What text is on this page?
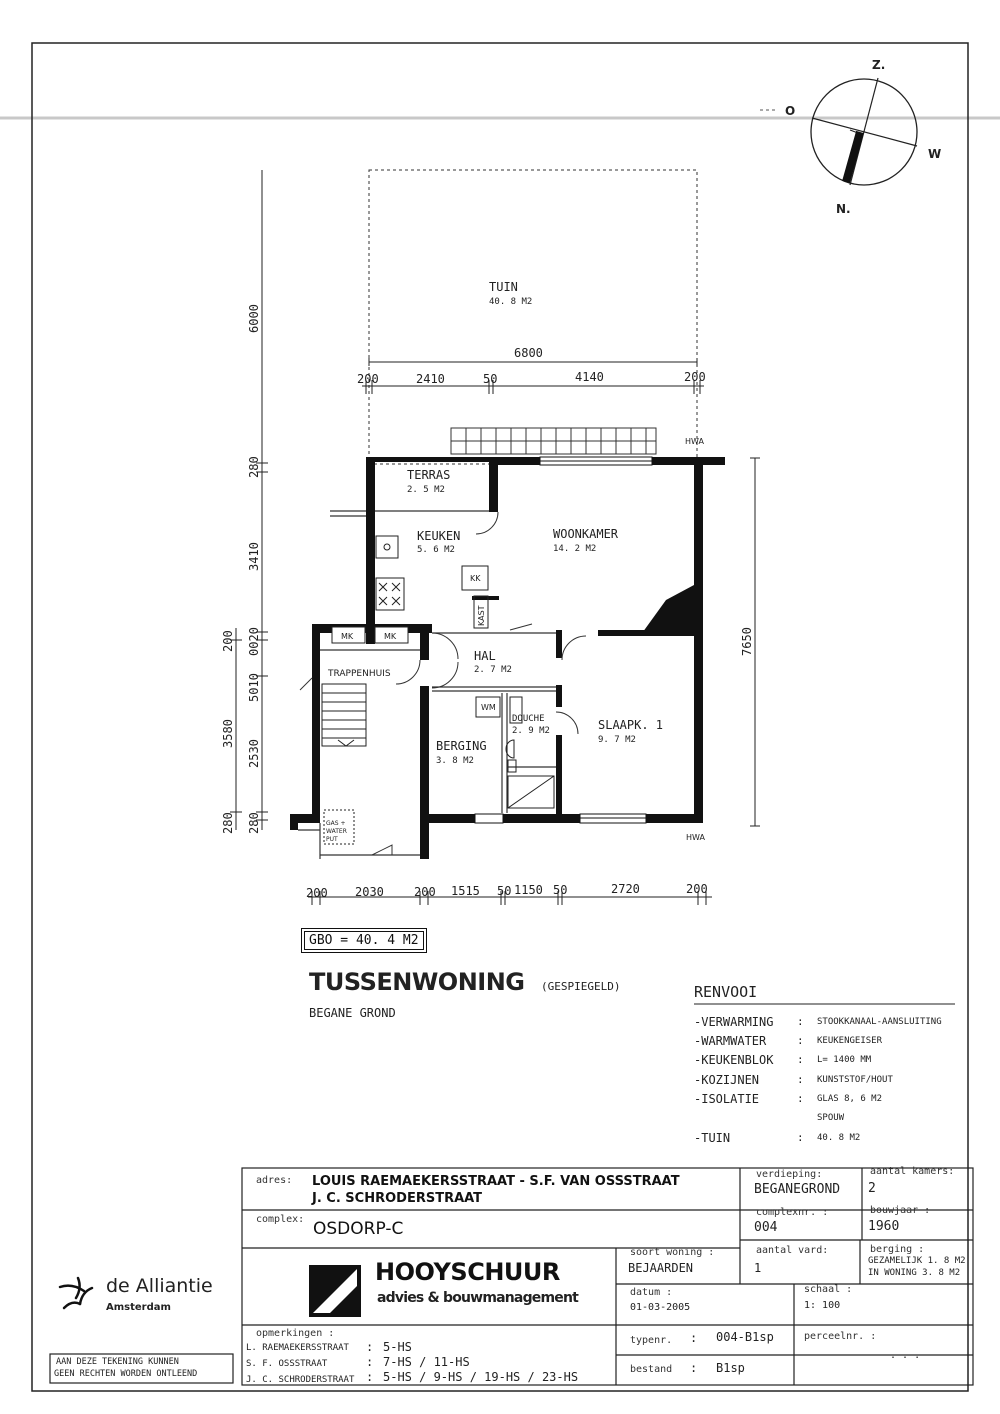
Z.
O
W
N.
TUIN
40. 8 M2
6800
200	2410	50	4140	200
6000
280
3410
200
5010
0020
3580
2530
280 280
7650
200 2030	200 1515 50 1150 50	2720	200
KK
KAST
MK	MK
GAS +
WATER
PUT
WM
HWA
HWA
TERRAS
2. 5 M2
KEUKEN
5. 6 M2
WOONKAMER
14. 2 M2
HAL
2. 7 M2
TRAPPENHUIS
SLAAPK. 1
9. 7 M2
BERGING
3. 8 M2
DOUCHE
2. 9 M2
GBO = 40. 4 M2
TUSSENWONING (GESPIEGELD)
BEGANE GROND
RENVOOI
-VERWARMING : STOOKKANAAL-AANSLUITING
-WARMWATER	: KEUKENGEISER
-KEUKENBLOK : L= 1400 MM
-KOZIJNEN	: KUNSTSTOF/HOUT
-ISOLATIE	: GLAS 8, 6 M2
SPOUW
-TUIN	: 40. 8 M2
adres: LOUIS RAEMAEKERSSTRAAT - S.F. VAN OSSSTRAAT
J. C. SCHRODERSTRAAT
verdieping:
BEGANEGROND
aantal kamers:
2
complex: OSDORP-C
complexnr. :
004
bouwjaar :
1960
HOOYSCHUUR
advies & bouwmanagement
soort woning :
BEJAARDEN
aantal vard:
1
berging :
GEZAMELIJK 1. 8 M2
IN WONING 3. 8 M2
datum :
01-03-2005
schaal :
1: 100
opmerkingen :
L. RAEMAEKERSSTRAAT : 5-HS
S. F. OSSSTRAAT	: 7-HS / 11-HS
J. C. SCHRODERSTRAAT : 5-HS / 9-HS / 19-HS / 23-HS
typenr. : 004-B1sp	perceelnr. :
. . .
bestand : B1sp
de Alliantie
Amsterdam
AAN DEZE TEKENING KUNNEN
GEEN RECHTEN WORDEN ONTLEEND
